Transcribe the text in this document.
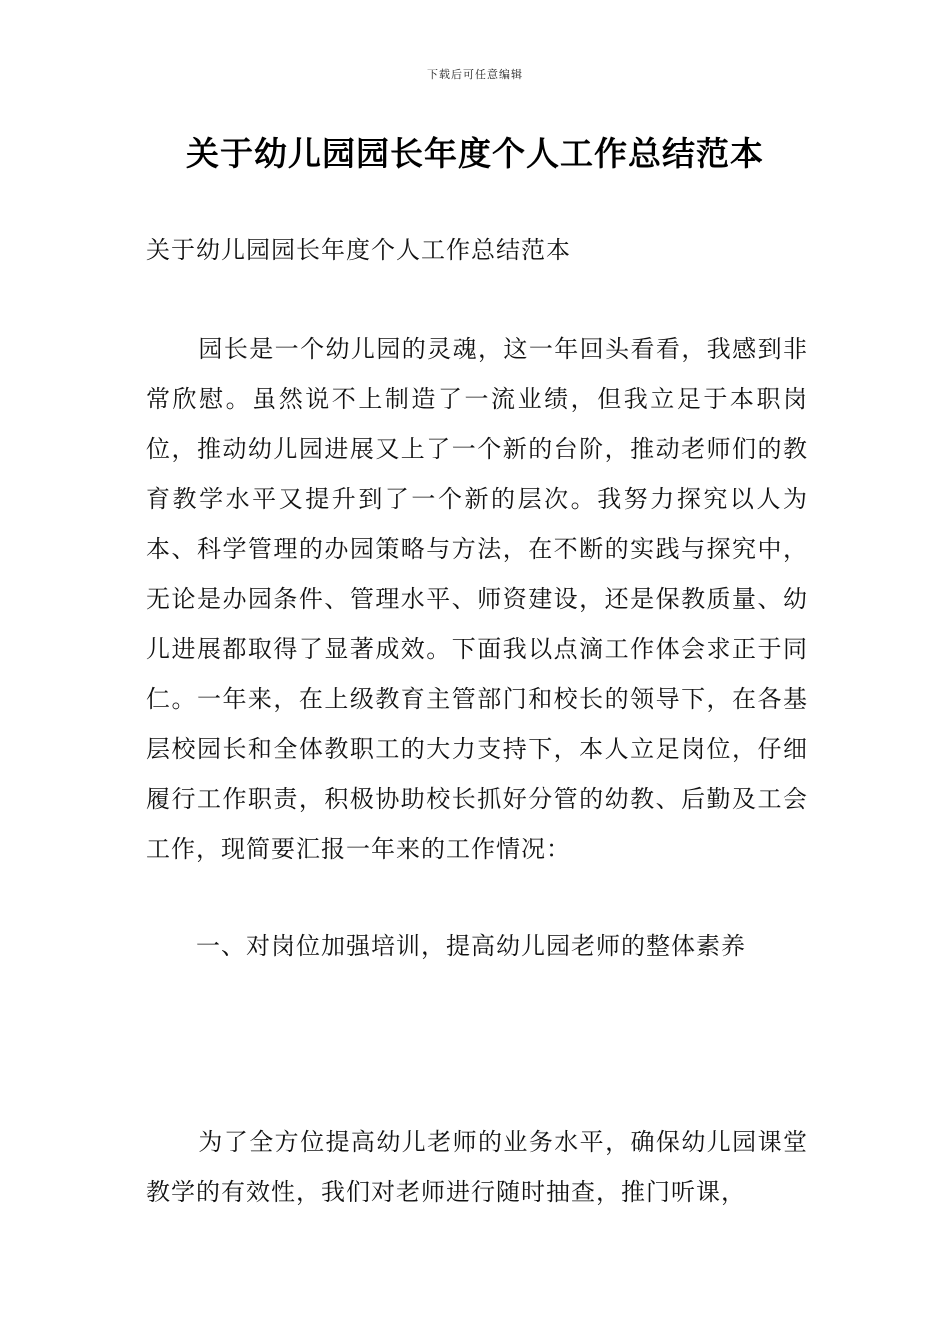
下载后可任意编辑
关于幼儿园园长年度个人工作总结范本
关于幼儿园园长年度个人工作总结范本
园长是一个幼儿园的灵魂，这一年回头看看，我感到非常欣慰。虽然说不上制造了一流业绩，但我立足于本职岗位，推动幼儿园进展又上了一个新的台阶，推动老师们的教育教学水平又提升到了一个新的层次。我努力探究以人为本、科学管理的办园策略与方法，在不断的实践与探究中，无论是办园条件、管理水平、师资建设，还是保教质量、幼儿进展都取得了显著成效。下面我以点滴工作体会求正于同仁。一年来，在上级教育主管部门和校长的领导下，在各基层校园长和全体教职工的大力支持下，本人立足岗位，仔细履行工作职责，积极协助校长抓好分管的幼教、后勤及工会工作，现简要汇报一年来的工作情况：
一、对岗位加强培训，提高幼儿园老师的整体素养
为了全方位提高幼儿老师的业务水平，确保幼儿园课堂教学的有效性，我们对老师进行随时抽查，推门听课，
